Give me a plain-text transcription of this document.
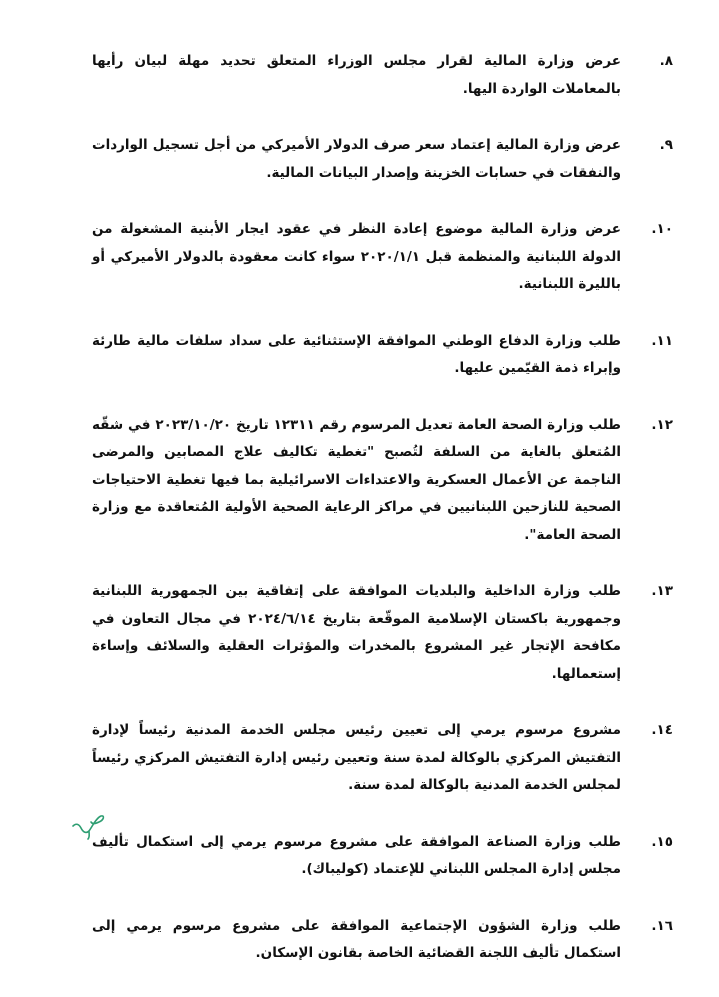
٨.
عرض وزارة المالية لقرار مجلس الوزراء المتعلق تحديد مهلة لبيان رأيها بالمعاملات الواردة اليها.
٩.
عرض وزارة المالية إعتماد سعر صرف الدولار الأميركي من أجل تسجيل الواردات والنفقات في حسابات الخزينة وإصدار البيانات المالية.
١٠.
عرض وزارة المالية موضوع إعادة النظر في عقود ايجار الأبنية المشغولة من الدولة اللبنانية والمنظمة قبل ٢٠٢٠/١/١ سواء كانت معقودة بالدولار الأميركي أو بالليرة اللبنانية.
١١.
طلب وزارة الدفاع الوطني الموافقة الإستثنائية على سداد سلفات مالية طارئة وإبراء ذمة القيّمين عليها.
١٢.
طلب وزارة الصحة العامة تعديل المرسوم رقم ١٢٣١١ تاريخ ٢٠٢٣/١٠/٢٠ في شقّه المُتعلق بالغاية من السلفة لتُصبح "تغطية تكاليف علاج المصابين والمرضى الناجمة عن الأعمال العسكرية والاعتداءات الاسرائيلية بما فيها تغطية الاحتياجات الصحية للنازحين اللبنانيين في مراكز الرعاية الصحية الأولية المُتعاقدة مع وزارة الصحة العامة".
١٣.
طلب وزارة الداخلية والبلديات الموافقة على إتفاقية بين الجمهورية اللبنانية وجمهورية باكستان الإسلامية الموقّعة بتاريخ ٢٠٢٤/٦/١٤ في مجال التعاون في مكافحة الإتجار غير المشروع بالمخدرات والمؤثرات العقلية والسلائف وإساءة إستعمالها.
١٤.
مشروع مرسوم يرمي إلى تعيين رئيس مجلس الخدمة المدنية رئيساً لإدارة التفتيش المركزي بالوكالة لمدة سنة وتعيين رئيس إدارة التفتيش المركزي رئيساً لمجلس الخدمة المدنية بالوكالة لمدة سنة.
١٥.
طلب وزارة الصناعة الموافقة على مشروع مرسوم يرمي إلى استكمال تأليف مجلس إدارة المجلس اللبناني للإعتماد (كوليباك).
١٦.
طلب وزارة الشؤون الإجتماعية الموافقة على مشروع مرسوم يرمي إلى استكمال تأليف اللجنة القضائية الخاصة بقانون الإسكان.
